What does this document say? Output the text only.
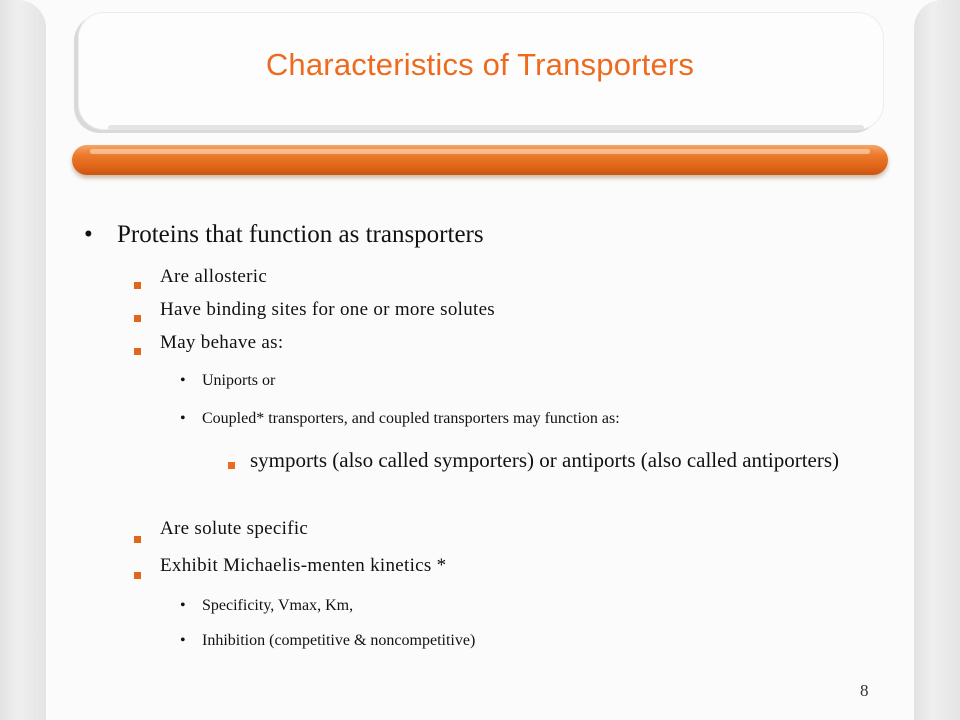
Characteristics of Transporters
• Proteins that function as transporters
Are allosteric
Have binding sites for one or more solutes
May behave as:
• Uniports or
• Coupled* transporters, and coupled transporters may function as:
symports (also called symporters) or antiports (also called antiporters)
Are solute specific
Exhibit Michaelis-menten kinetics *
• Specificity, Vmax, Km,
• Inhibition (competitive & noncompetitive)
8
